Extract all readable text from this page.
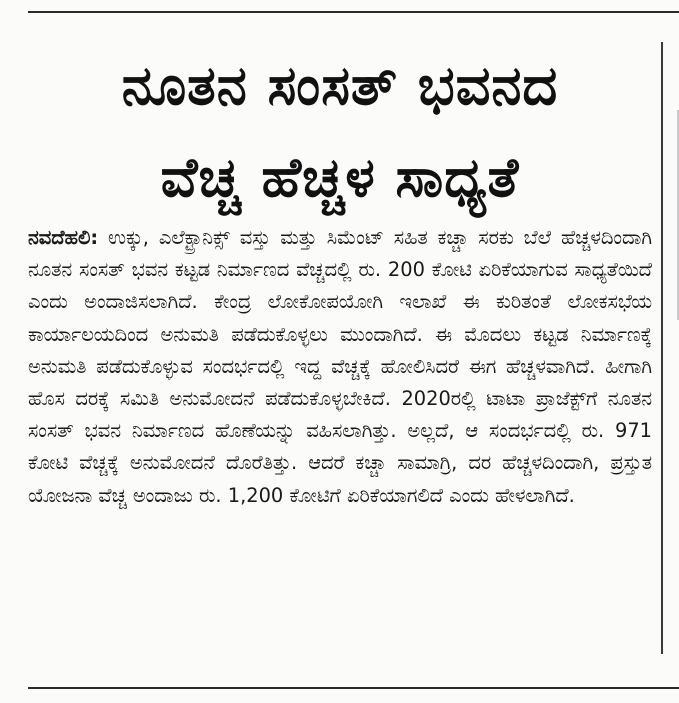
ನೂತನ ಸಂಸತ್ ಭವನದ
ವೆಚ್ಚ ಹೆಚ್ಚಳ ಸಾಧ್ಯತೆ

ನವದೆಹಲಿ: ಉಕ್ಕು, ಎಲೆಕ್ಟ್ರಾನಿಕ್ಸ್ ವಸ್ತು ಮತ್ತು ಸಿಮೆಂಟ್ ಸಹಿತ ಕಚ್ಚಾ ಸರಕು ಬೆಲೆ ಹೆಚ್ಚಳದಿಂದಾಗಿ ನೂತನ ಸಂಸತ್ ಭವನ ಕಟ್ಟಡ ನಿರ್ಮಾಣದ ವೆಚ್ಚದಲ್ಲಿ ರು. 200 ಕೋಟಿ ಏರಿಕೆಯಾಗುವ ಸಾಧ್ಯತೆಯಿದೆ ಎಂದು ಅಂದಾಜಿಸಲಾಗಿದೆ. ಕೇಂದ್ರ ಲೋಕೋಪಯೋಗಿ ಇಲಾಖೆ ಈ ಕುರಿತಂತೆ ಲೋಕಸಭೆಯ ಕಾರ್ಯಾಲಯದಿಂದ ಅನುಮತಿ ಪಡೆದುಕೊಳ್ಳಲು ಮುಂದಾಗಿದೆ. ಈ ಮೊದಲು ಕಟ್ಟಡ ನಿರ್ಮಾಣಕ್ಕೆ ಅನುಮತಿ ಪಡೆದುಕೊಳ್ಳುವ ಸಂದರ್ಭದಲ್ಲಿ ಇದ್ದ ವೆಚ್ಚಕ್ಕೆ ಹೋಲಿಸಿದರೆ ಈಗ ಹೆಚ್ಚಳವಾಗಿದೆ. ಹೀಗಾಗಿ ಹೊಸ ದರಕ್ಕೆ ಸಮಿತಿ ಅನುಮೋದನೆ ಪಡೆದುಕೊಳ್ಳಬೇಕಿದೆ. 2020ರಲ್ಲಿ ಟಾಟಾ ಪ್ರಾಜೆಕ್ಟ್‌ಗೆ ನೂತನ ಸಂಸತ್ ಭವನ ನಿರ್ಮಾಣದ ಹೊಣೆಯನ್ನು ವಹಿಸಲಾಗಿತ್ತು. ಅಲ್ಲದೆ, ಆ ಸಂದರ್ಭದಲ್ಲಿ ರು. 971 ಕೋಟಿ ವೆಚ್ಚಕ್ಕೆ ಅನುಮೋದನೆ ದೊರೆತಿತ್ತು. ಆದರೆ ಕಚ್ಚಾ ಸಾಮಾಗ್ರಿ, ದರ ಹೆಚ್ಚಳದಿಂದಾಗಿ, ಪ್ರಸ್ತುತ ಯೋಜನಾ ವೆಚ್ಚ ಅಂದಾಜು ರು. 1,200 ಕೋಟಿಗೆ ಏರಿಕೆಯಾಗಲಿದೆ ಎಂದು ಹೇಳಲಾಗಿದೆ.
